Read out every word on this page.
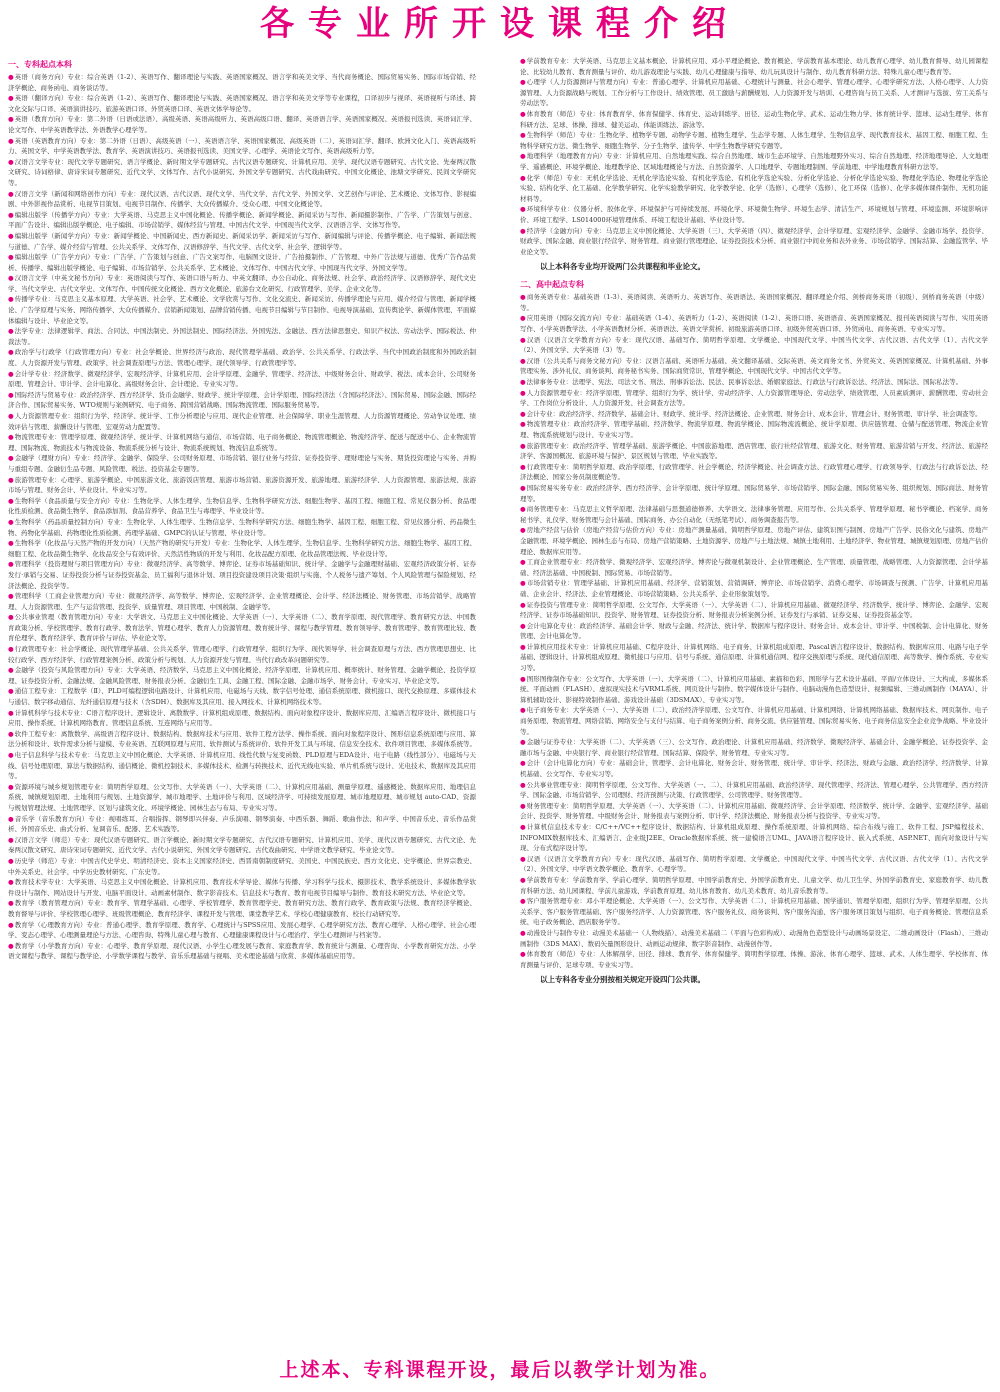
各专业所开设课程介绍
一、专科起点本科

●英语（商务方向）专业：综合英语（1-2）、英语写作、翻译理论与实践、英语国家概况、语言学和英美文学、当代商务概论、国际贸易实务、国际市场营销、经济学概论、商务函电、商务谈话等。

●英语（翻译方向）专业：综合英语（1-2）、英语写作、翻译理论与实践、英语国家概况、语言学和英美文学等专业课程，口译初步与视译、英语视听与译述、跨文化交际与口译、英语演讲技巧、旅游英语口译、外贸英语口译、英语文体学导论等。

●英语（教育方向）专业：第二外语（日语或法语）、高级英语、英语高级听力、英语高级口语、翻译、英语语言学、英语国家概况、英语报刊选读、英语词汇学、论文写作、中学英语教学法、外语教学心理学等。

●英语（英语教育方向）专业：第二外语（日语）、高级英语（一）、英语语言学、英语国家概况、高级英语（二）、英语词汇学、翻译、欧洲文化入门、英语高级听力、英国文学、中学英语教学法、教育学、英语演讲技巧、英语报刊选读、美国文学、心理学、英语论文写作、英语高级听力等。

●汉语言文学专业：现代文学专题研究、语言学概论、新时期文学专题研究、古代汉语专题研究、计算机应用、美学、现代汉语专题研究、古代文论、先秦两汉散文研究、诗词格律、唐诗宋词专题研究、近代文学、文体写作、古代小说研究、外国文学专题研究、古代戏曲研究、中国文化概论、池塘文学研究、民间文学研究等。

●汉语言文学（新闻和网络创作方向）专业：现代汉语、古代汉语、现代文学、当代文学、古代文学、外国文学、文艺创作与评论、艺术概论、文体写作、影视编剧、中外影视作品赏析、电视节目策划、电视节目制作、传播学、大众传播媒介、受众心理、中国文化概论等。

●编辑出版学（传播学方向）专业：大学英语、马克思主义中国化概论、传播学概论、新闻学概论、新闻采访与写作、新闻摄影制作、广告学、广告策划与创意、平面广告设计、编辑出版学概论、电子编辑、市场营销学、媒体经营与管理、中国古代文学、中国现当代文学、汉语语言学、文体写作等。

●编辑出版学（新闻学方向）专业：新闻学概论、中国新闻史、西方新闻史、新闻采访学、新闻采访与写作、新闻编辑与评论、传播学概论、电子编辑、新闻法规与道德、广告学、媒介经营与管理、公共关系学、文体写作、汉语修辞学、当代文学、古代文学、社会学、逻辑学等。

●编辑出版学（广告学方向）专业：广告学、广告策划与创意、广告文案写作、电脑图文设计、广告拍摄制作、广告管理、中外广告法规与道德、优秀广告作品赏析、传播学、编辑出版学概论、电子编辑、市场营销学、公共关系学、艺术概论、文体写作、中国古代文学、中国现当代文学、外国文学等。

●汉语言文学（中英文秘书方向）专业：英语阅读与写作、英语口语与听力、中英文翻译、办公自动化、商务法规、社会学、政治经济学、汉语修辞学、现代文史学、当代文学史、古代文学史、文体写作、中国传统文化概论、西方文化概论、旅游台文化研究、行政管理学、美学、企业文化等。

●传播学专业：马克思主义基本原理、大学英语、社会学、艺术概论、文学欣赏与写作、文化交流史、新闻采访、传播学理论与应用、媒介经营与管理、新闻学概论、广告学原理与实务、网络传播学、大众传播媒介、营销新闻策划、品牌营销传播、电视节目编辑与节目制作、电视导演基础、宣传舆论学、新媒体管理、平面媒体编辑与设计、毕业论文等。

●法学专业：法律逻辑学、商法、合同法、中国法制史、外国法制史、国际经济法、外国宪法、金融法、西方法律思想史、知识产权法、劳动法学、国际税法、仲裁法等。

●政治学与行政学（行政管理方向）专业：社会学概论、世界经济与政治、现代管理学基础、政治学、公共关系学、行政法学、当代中国政治制度和外国政治制度、人力资源开发与管理、政策学、社会调查原理与方法、管理心理学、现代领导学、行政管理学等。

●会计学专业：经济数学、微观经济学、宏观经济学、计算机应用、会计学原理、金融学、管理学、经济法、中级财务会计、财政学、税法、成本会计、公司财务原理、管理会计、审计学、会计电算化、高级财务会计、会计理论、专业实习等。

●国际经济与贸易专业：政治经济学、西方经济学、货币金融学、财政学、统计学原理、会计学原理、国际经济法（含国际经济法）、国际贸易、国际金融、国际经济合作、国际贸易实务、WTO规则与案例研究、电子商务、跨国营销战略、国际物流管理、国际服务贸易等。

●人力资源管理专业：组织行为学、经济学、统计学、工作分析理论与应用、现代企业管理、社会保障学、职业生涯管理、人力资源管理概论、劳动争议处理、绩效评估与管理、薪酬设计与管理、宏观劳动力配置等。

●物流管理专业：管理学原理、微观经济学、统计学、计算机网络与通信、市场营销、电子商务概论、物流管理概论、物流经济学、配送与配送中心、企业物流管理、国际物流、物流技术与物流设备、物流系统分析与设计、物流系统规划、物流信息系统等。

●金融学（理财方向）专业：经济学、金融学、保险学、公司财务原理、市场营销、银行业务与经营、证券投资学、理财理论与实务、期货投资理论与实务、并购与重组专题、金融衍生品专题、风险管理、税法、投资基金专题等。

●旅游管理专业：心理学、旅游学概论、中国旅游文化、旅游饭店管理、旅游市场营销、旅游资源开发、旅游地理、旅游经济学、人力资源管理、旅游法规、旅游市场与管理、财务会计、毕业设计、毕业实习等。

●生物科学（食品质量与安全方向）专业：生物化学、人体生理学、生物信息学、生物科学研究方法、细胞生物学、基因工程、细胞工程、常见仪器分析、食品理化性质检测、食品微生物学、食品添加剂、食品营养学、食品卫生与毒理学、毕业设计等。

●生物科学（药品质量控制方向）专业：生物化学、人体生理学、生物信息学、生物科学研究方法、细胞生物学、基因工程、细胞工程、常见仪器分析、药品微生物、药物化学基础、药物理化性质检测、药理学基础、GMPC的认证与管理、毕业设计等。

●生物科学（化妆品与天然产物的开发方向）（天然产物的研究与开发）专业：生物化学、人体生理学、生物信息学、生物科学研究方法、细胞生物学、基因工程、细胞工程、化妆品微生物学、化妆品安全与有效评价、天然活性物质的开发与利用、化妆品配方原理、化妆品管理法规、毕业设计等。

●管理科学（投资理财与项目管理方向）专业：微观经济学、高等数学、博弈论、证券市场基础知识、统计学、金融学与金融理财基础、宏观经济政策分析、证券发行·承销与交易、证券投资分析与证券投资基金、员工福利与退休计划、项目投资建设项目决策·组织与实施、个人税务与遗产筹划、个人风险管理与保险规划、经济法概论、投资学等。

●管理科学（工商企业管理方向）专业：微观经济学、高等数学、博弈论、宏观经济学、企业管理概论、会计学、经济法概论、财务管理、市场营销学、战略管理、人力资源管理、生产与运营管理、投资学、质量管理、项目管理、中国税制、金融学等。

●公共事业管理（教育管理方向）专业：大学语文、马克思主义中国化概论、大学英语（一）、大学英语（二）、教育学原理、现代管理学、教育研究方法、中国教育政策分析、学校管理学、教育行政学、教育法学、管理心理学、教育人力资源管理、教育统计学、课程与教学管理、教育领导学、教育管理学、教育管理比较、教育伦理学、教育经济学、教育评价与评估、毕业论文等。

●行政管理专业：社会学概论、现代管理学基础、公共关系学、管理心理学、行政管理学、组织行为学、现代领导学、社会调查原理与方法、西方管理思想史、比较行政学、西方经济学、行政管理案例分析、政策分析与规划、人力资源开发与管理、当代行政改革问题研究等。

●金融学（投资与风险管理方向）专业：大学英语、经济数学、马克思主义中国化概论、经济学原理、计算机应用、概率统计、财务管理、金融学概论、投资学原理、证券投资分析、金融法规、金融风险管理、财务报表分析、金融衍生工具、金融工程、国际金融、金融市场学、财务会计、专业实习、毕业论文等。

●通信工程专业：工程数学（Ⅱ）、PLD可编程逻辑电路设计、计算机应用、电磁场与天线、数字信号处理、通信系统原理、微机接口、现代交换原理、多媒体技术与通信、数字移动通信、光纤通信原理与技术（含SDH）、数据库及其应用、接入网技术、计算机网络技术等。

●计算机科学与技术专业：C语言程序设计、逻辑设计、离散数学、计算机组成原理、数据结构、面向对象程序设计、数据库应用、汇编语言程序设计、微机接口与应用、操作系统、计算机网络教育、管理信息系统、互连网络与应用等。

●软件工程专业：离散数学、高级语言程序设计、数据结构、数据库技术与应用、软件工程方法学、操作系统、面向对象程序设计、图形信息系统原理与应用、算法分析和设计、软件需求分析与建模、专业英语、互联网原理与应用、软件测试与系统评价、软件开发工具与环境、信息安全技术、软件项目管理、多媒体系统等。

●电子信息科学与技术专业：马克思主义中国化概论、大学英语、计算机应用、线性代数与复变函数、PLD原理与EDA设计、电子电路（线性部分）、电磁场与天线、信号处理原理、算法与数据结构、通信概论、微机控制技术、多媒体技术、检测与转换技术、近代无线电实验、单片机系统与设计、光电技术、数据库及其应用等。

●资源环境与城乡规划管理专业：简明哲学原理、公文写作、大学英语（一）、大学英语（二）、计算机应用基础、测量学原理、遥感概论、数据库应用、地理信息系统、城镇规划原理、土地利用与规划、土地资源学、城市地理学、土地评价与利用、区域经济学、可持续发展原理、城市地理原理、城市规划 auto-CAD、资源与规划管理法规、土地管理学、区划与建筑文化、环境学概论、园林生态与布局、专业实习等。

●音乐学（音乐教育方向）专业：视唱练耳、合唱指挥、钢琴即兴伴奏、声乐演唱、钢琴演奏、中西乐器、舞蹈、歌曲作法、和声学、中国音乐史、音乐作品赏析、外国音乐史、曲式分析、复调音乐、配器、艺术实践等。

●汉语言文学（师范）专业：现代汉语专题研究、语言学概论、新时期文学专题研究、古代汉语专题研究、计算机应用、美学、现代汉语专题研究、古代文论、先秦两汉散文研究、唐诗宋词专题研究、近代文学、古代小说研究、外国文学专题研究、古代戏曲研究、中学语文教学研究、毕业论文等。

●历史学（师范）专业：中国古代史学史、明清经济史、资本主义国家经济史、西晋南朝制度研究、美国史、中国民族史、西方文化史、史学概论、世界宗教史、中外关系史、社会学、中学历史教材研究、广东史等。

●教育技术学专业：大学英语、马克思主义中国化概论、计算机应用、教育技术学导论、媒体与传播、学习科学与技术、摄影技术、教学系统设计、多媒体教学软件设计与制作、网站设计与开发、电脑平面设计、动画素材制作、数字影音技术、信息技术与教育、教育电视节目编导与制作、教育技术研究方法、毕业论文等。

●教育学（教育管理方向）专业：教育学、管理学基础、心理学、学校管理学、教育管理学史、教育研究方法、教育行政学、教育政策与法规、教育经济学概论、教育督导与评价、学校管理心理学、班级管理概论、教育经济学、课程开发与管理、课堂教学艺术、学校心理健康教育、校长行动研究等。

●教育学（心理教育方向）专业：普通心理学、教育学原理、教育学、心理统计与SPSS应用、发展心理学、心理学研究方法、教育心理学、人格心理学、社会心理学、变态心理学、心理测量理论与方法、心理咨询、特殊儿童心理与教育、心理健康课程设计与心理治疗、学生心理测评与档案等。

●教育学（小学教育方向）专业：心理学、教育学原理、现代汉语、小学生心理发展与教育、家庭教育学、教育统计与测量、心理咨询、小学教育研究方法、小学语文课程与教学、课程与教学论、小学数学课程与教学、音乐乐理基础与视唱、美术理论基础与欣赏、多媒体基础应用等。

●学前教育专业：大学英语、马克思主义基本概论、计算机应用、邓小平理论概论、教育概论、学前教育基本理论、幼儿教育心理学、幼儿教育督导、幼儿园课程论、比较幼儿教育、教育测量与评价、幼儿游戏理论与实践、幼儿心理健康与指导、幼儿玩具设计与制作、幼儿教育科研方法、特殊儿童心理与教育等。

●心理学（人力资源测评与管理方向）专业：普通心理学、计算机应用基础、心理统计与测量、社会心理学、管理心理学、心理学研究方法、人格心理学、人力资源管理、人力资源战略与规划、工作分析与工作设计、绩效管理、员工激励与薪酬规划、人力资源开发与培训、心理咨询与员工关系、人才测评与选拔、劳工关系与劳动法等。

●体育教育（师范）专业：体育教育学、体育保健学、体育史、运动训练学、田径、运动生物化学、武术、运动生物力学、体育统计学、篮球、运动生理学、体育科研方法、足球、体操、排球、健美运动、体能训练法、游泳等。

●生物科学（师范）专业：生物化学、植物学专题、动物学专题、植物生理学、生态学专题、人体生理学、生物信息学、现代教育技术、基因工程、细胞工程、生物科学研究方法、微生物学、细胞生物学、分子生物学、遗传学、中学生物教学研究专题等。

●地理科学（地理教育方向）专业：计算机应用、自然地理实践、综合自然地理、城市生态环境学、自然地理野外实习、综合自然地理、经济地理导论、人文地理学、遥感概论、环境学概论、地理教学论、区域地理概论与方法、自然资源学、人口地理学、专题地理制图、学前地理、中学地理教育科研方法等。

●化学（师范）专业：无机化学选论、无机化学选论实验、有机化学选论、有机化学选论实验、分析化学选论、分析化学选论实验、物理化学选论、物理化学选论实验、结构化学、化工基础、化学教学研究、化学实验教学研究、化学教学论、化学（选修）、心理学（选修）、化工环保（选修）、化学多媒体课件制作、无机功能材料等。

●环境科学专业：仪器分析、胶体化学、环境保护与可持续发展、环境化学、环境微生物学、环境生态学、清洁生产、环境规划与管理、环境监测、环境影响评价、环境工程学、LS014000环境管理体系、环境工程设计基础、毕业设计等。

●经济学（金融方向）专业：马克思主义中国化概论、大学英语（三）、大学英语（四）、微观经济学、会计学原理、宏观经济学、金融学、金融市场学、投资学、财政学、国际金融、商业银行经营学、财务管理、商业银行管理理论、证券投资技术分析、商业银行中间业务和表外业务、市场营销学、国际结算、金融监管学、毕业论文等。

以上本科各专业均开设两门公共课程和毕业论文。
二、高中起点专科

●商务英语专业：基础英语（1-3）、英语阅读、英语听力、英语写作、英语语法、英语国家概况、翻译理论介绍、剑桥商务英语（初级）、剑桥商务英语（中级）等。

●应用英语（国际交流方向）专业：基础英语（1-4）、英语听力（1-2）、英语阅读（1-2）、英语口语、英语语音、英语国家概况、报刊英语阅读与写作、实用英语写作、小学英语教学法、小学英语教材分析、英语语法、英语文学赏析、初级旅游英语口译、初级外贸英语口译、外贸函电、商务英语、专业实习等。

●汉语（汉语言文学教育方向）专业：现代汉语、基础写作、简明哲学原理、文学概论、中国现代文学、中国当代文学、古代汉语、古代文学（1）、古代文学（2）、外国文学、大学英语（3）等。

●汉语（公共关系与商务文秘方向）专业：汉语言基础、英语听力基础、英文翻译基础、交际英语、英文商务文书、外贸英文、英语国家概况、计算机基础、外事管理实务、涉外礼仪、商务谈判、商务秘书实务、国际商贸常识、管理学概论、中国现代文学、中国古代文学等。

●法律事务专业：法理学、宪法、司法文书、刑法、刑事诉讼法、民法、民事诉讼法、婚姻家庭法、行政法与行政诉讼法、经济法、国际法、国际私法等。

●人力资源管理专业：经济学原理、管理学、组织行为学、统计学、劳动经济学、人力资源管理导论、劳动法学、绩效管理、人员素质测评、薪酬管理、劳动社会学、工作岗位分析设计、人力资源开发、社会调查方法等。

●会计专业：政治经济学、经济数学、基础会计、财政学、统计学、经济法概论、企业管理、财务会计、成本会计、管理会计、财务管理、审计学、社会调查等。

●物流管理专业：政治经济学、管理学基础、经济数学、物流学原理、物流学概论、国际物流流概论、统计学原理、供应链管理、仓储与配送管理、物流企业管理、物流系统规划与设计、专业实习等。

●旅游管理专业：政治经济学、管理学基础、旅游学概论、中国旅游地理、酒店管理、旅行社经营管理、旅游文化、财务管理、旅游营销与开发、经济法、旅游经济学、客源国概况、旅游环境与保护、景区规划与管理、毕业实践等。

●行政管理专业：简明哲学原理、政治学原理、行政管理学、社会学概论、经济学概论、社会调查方法、行政管理心理学、行政领导学、行政法与行政诉讼法、经济法概论、国家公务员制度概论等。

●国际贸易实务专业：政治经济学、西方经济学、会计学原理、统计学原理、国际贸易学、市场营销学、国际金融、国际贸易实务、组织规划、国际商法、财务管理等。

●商务管理专业：马克思主义哲学原理、法律基础与思想道德修养、大学语文、法律事务管理、应用写作、公共关系学、管理学原理、秘书学概论、档案学、商务秘书学、礼仪学、财务管理与会计基础、国际商务、办公自动化（无纸笔考试）、商务调查报告等。

●房地产经营与估价（房地产经营与估价方向）专业：房地产测量基础、简明哲学原理、房地产评估、建筑识图与制图、房地产广告学、民俗文化与建筑、房地产金融管理、环境学概论、园林生态与布局、房地产营销策略、土地资源学、房地产与土地法规、城镇土地利用、土地经济学、物业管理、城镇规划原理、房地产估价理论、数据库应用等。

●工商企业管理专业：经济数学、微观经济学、宏观经济学、博弈论与微观机制设计、企业管理概论、生产管理、质量管理、战略管理、人力资源管理、会计学基础、经济法基础、中国税制、国际贸易、市场营销等。

●市场营销专业：管理学基础、计算机应用基础、经济学、营销策划、营销调研、博弈论、市场营销学、消费心理学、市场调查与预测、广告学、计算机应用基础、企业会计、经济法、企业管理概论、市场营销策略、公共关系学、企业形象策划等。

●证券投资与管理专业：简明哲学原理、公文写作、大学英语（一）、大学英语（二）、计算机应用基础、微观经济学、经济数学、统计学、博弈论、金融学、宏观经济学、证券市场基础知识、投资学、财务管理、证券投资分析、财务报表分析案例分析、证券发行与承销、证券交易、证券投资基金等。

●会计电算化专业：政治经济学、基础会计学、财政与金融、经济法、统计学、数据库与程序设计、财务会计、成本会计、审计学、中国税制、会计电算化、财务管理、会计电算化等。

●计算机应用技术专业：计算机应用基础、C程序设计、计算机网络、电子商务、计算机组成原理、Pascal语言程序设计、数据结构、数据库应用、电路与电子学基础、逻辑设计、计算机组成原理、微机接口与应用、信号与系统、通信原理、计算机通信网、程序交换原理与系统、现代通信原理、高等数学、操作系统、专业实习等。

●图形图像制作专业：公文写作、大学英语（一）、大学英语（二）、计算机应用基础、素描和色彩、图形学与艺术设计基础、平面/立体设计、三大构成、多媒体系统、平面动画（FLASH）、虚拟现实技术与VRML系统、网页设计与制作、数字媒体设计与制作、电脑动漫角色造型设计、视频编辑、三维动画制作（MAYA）、计算机辅助设计、影视特效制作基础、游戏设计基础（3DSMAX）、专业实习等。

●电子商务专业：大学英语（一）、大学英语（二）、政治经济学原理、公文写作、计算机应用基础、计算机网络、计算机网络基础、数据库技术、网页制作、电子商务原理、物流管理、网络营销、网络安全与支付与结算、电子商务案例分析、商务交流、供应链管理、国际贸易实务、电子商务信息安全企业竞争战略、毕业设计等。

●金融与证券专业：大学英语（二）、大学英语（三）、公文写作、政治理论、计算机应用基础、经济数学、微观经济学、基础会计、金融学概论、证券投资学、金融市场与金融、中央银行学、商业银行经营管理、国际结算、保险学、财务管理、专业实习等。

●会计（会计电算化方向）专业：基础会计、管理学、会计电算化、财务会计、财务管理、统计学、审计学、经济法、财政与金融、政治经济学、经济数学、计算机基础、公文写作、专业实习等。

●公共事业管理专业：简明哲学原理、公文写作、大学英语（一、二）、计算机应用基础、政治经济学、现代管理学、经济法、管理心理学、公共管理学、西方经济学、国际金融、市场营销学、公司理财、经济预测与决策、行政管理学、公司管理学、财务管理等。

●财务管理专业：简明哲学原理、大学英语（一）、大学英语（二）、计算机应用基础、微观经济学、会计学原理、经济数学、统计学、金融学、宏观经济学、基础会计、投资学、财务管理、中级财务会计、财务报表与案例分析、审计学、经济法概论、财务报表分析与投资学、专业实习等。

●计算机信息技术专业：C/C++/VC++程序设计、数据结构、计算机组成原理、操作系统原理、计算机网络、综合布线与施工、软件工程、JSP编程技术、INFOMIX数据库技术、汇编语言、企业级J2EE、Oracle数据库系统、统一建模语言UML、JAVA语言程序设计、嵌入式系统、ASP.NET、面向对象设计与实现、分布式程序设计等。

●汉语（汉语言文学教育方向）专业：现代汉语、基础写作、简明哲学原理、文学概论、中国现代文学、中国当代文学、古代汉语、古代文学（1）、古代文学（2）、外国文学、中学语文教学概论、教育学、心理学等。

●学前教育专业：学前教育学、学前心理学、简明哲学原理、中国学前教育史、外国学前教育史、儿童文学、幼儿卫生学、外国学前教育史、家庭教育学、幼儿教育科研方法、幼儿园课程、学前儿童游戏、学前教育原理、幼儿体育教育、幼儿美术教育、幼儿音乐教育等。

●客户服务管理专业：邓小平理论概论、大学英语（一）、公文写作、大学英语（二）、计算机应用基础、国学通识、管理学原理、组织行为学、管理学原理、公共关系学、客户服务管理基础、客户服务经济学、人力资源管理、客户服务礼仪、商务谈判、客户服务沟通、客户服务项目策划与组织、电子商务概论、管理信息系统、电子政务概论、酒店服务学等。

●动漫设计与制作专业：动漫美术基础一（人物线描）、动漫美术基础二（平面与色彩构成）、动漫角色造型设计与动画场景设定、二维动画设计（Flash）、三维动画制作（3DS MAX）、数码矢量图形设计、动画运动规律、数字影音制作、动漫创作等。

●体育教育（师范）专业：人体解剖学、田径、排球、教育学、体育保健学、简明哲学原理、体操、游泳、体育心理学、篮球、武术、人体生理学、学校体育、体育测量与评价、足球专项、专业实习等。

以上专科各专业分别按相关规定开设四门公共课。
上述本、专科课程开设，最后以教学计划为准。
